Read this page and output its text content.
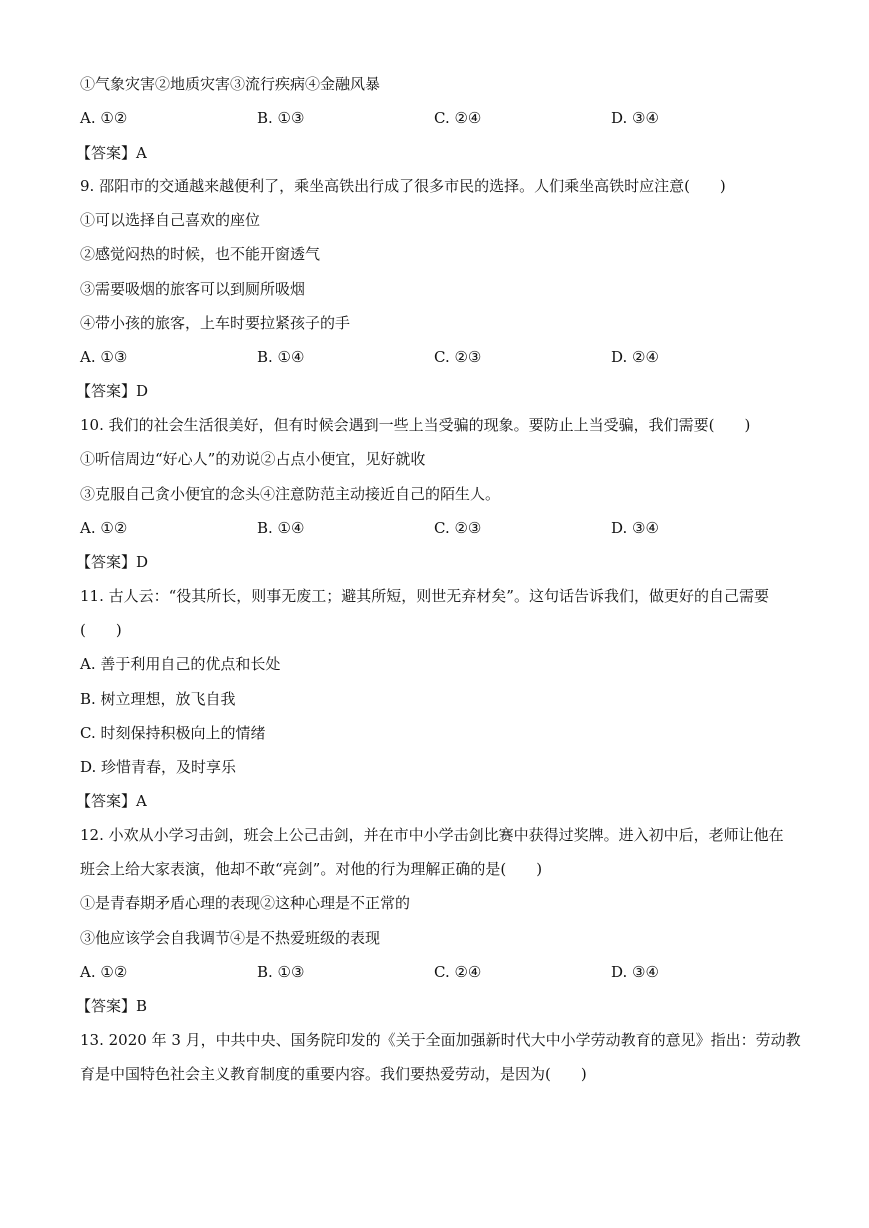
①气象灾害②地质灾害③流行疾病④金融风暴
A. ①②	B. ①③	C. ②④	D. ③④
【答案】A
9. 邵阳市的交通越来越便利了，乘坐高铁出行成了很多市民的选择。人们乘坐高铁时应注意(　　)
①可以选择自己喜欢的座位
②感觉闷热的时候，也不能开窗透气
③需要吸烟的旅客可以到厕所吸烟
④带小孩的旅客，上车时要拉紧孩子的手
A. ①③	B. ①④	C. ②③	D. ②④
【答案】D
10. 我们的社会生活很美好，但有时候会遇到一些上当受骗的现象。要防止上当受骗，我们需要(　　)
①听信周边“好心人”的劝说②占点小便宜，见好就收
③克服自己贪小便宜的念头④注意防范主动接近自己的陌生人。
A. ①②	B. ①④	C. ②③	D. ③④
【答案】D
11. 古人云：“役其所长，则事无废工；避其所短，则世无弃材矣”。这句话告诉我们，做更好的自己需要
(　　)
A. 善于利用自己的优点和长处
B. 树立理想，放飞自我
C. 时刻保持积极向上的情绪
D. 珍惜青春，及时享乐
【答案】A
12. 小欢从小学习击剑，班会上公己击剑，并在市中小学击剑比赛中获得过奖牌。进入初中后，老师让他在
班会上给大家表演，他却不敢“亮剑”。对他的行为理解正确的是(　　)
①是青春期矛盾心理的表现②这种心理是不正常的
③他应该学会自我调节④是不热爱班级的表现
A. ①②	B. ①③	C. ②④	D. ③④
【答案】B
13. 2020 年 3 月，中共中央、国务院印发的《关于全面加强新时代大中小学劳动教育的意见》指出：劳动教
育是中国特色社会主义教育制度的重要内容。我们要热爱劳动，是因为(　　)
